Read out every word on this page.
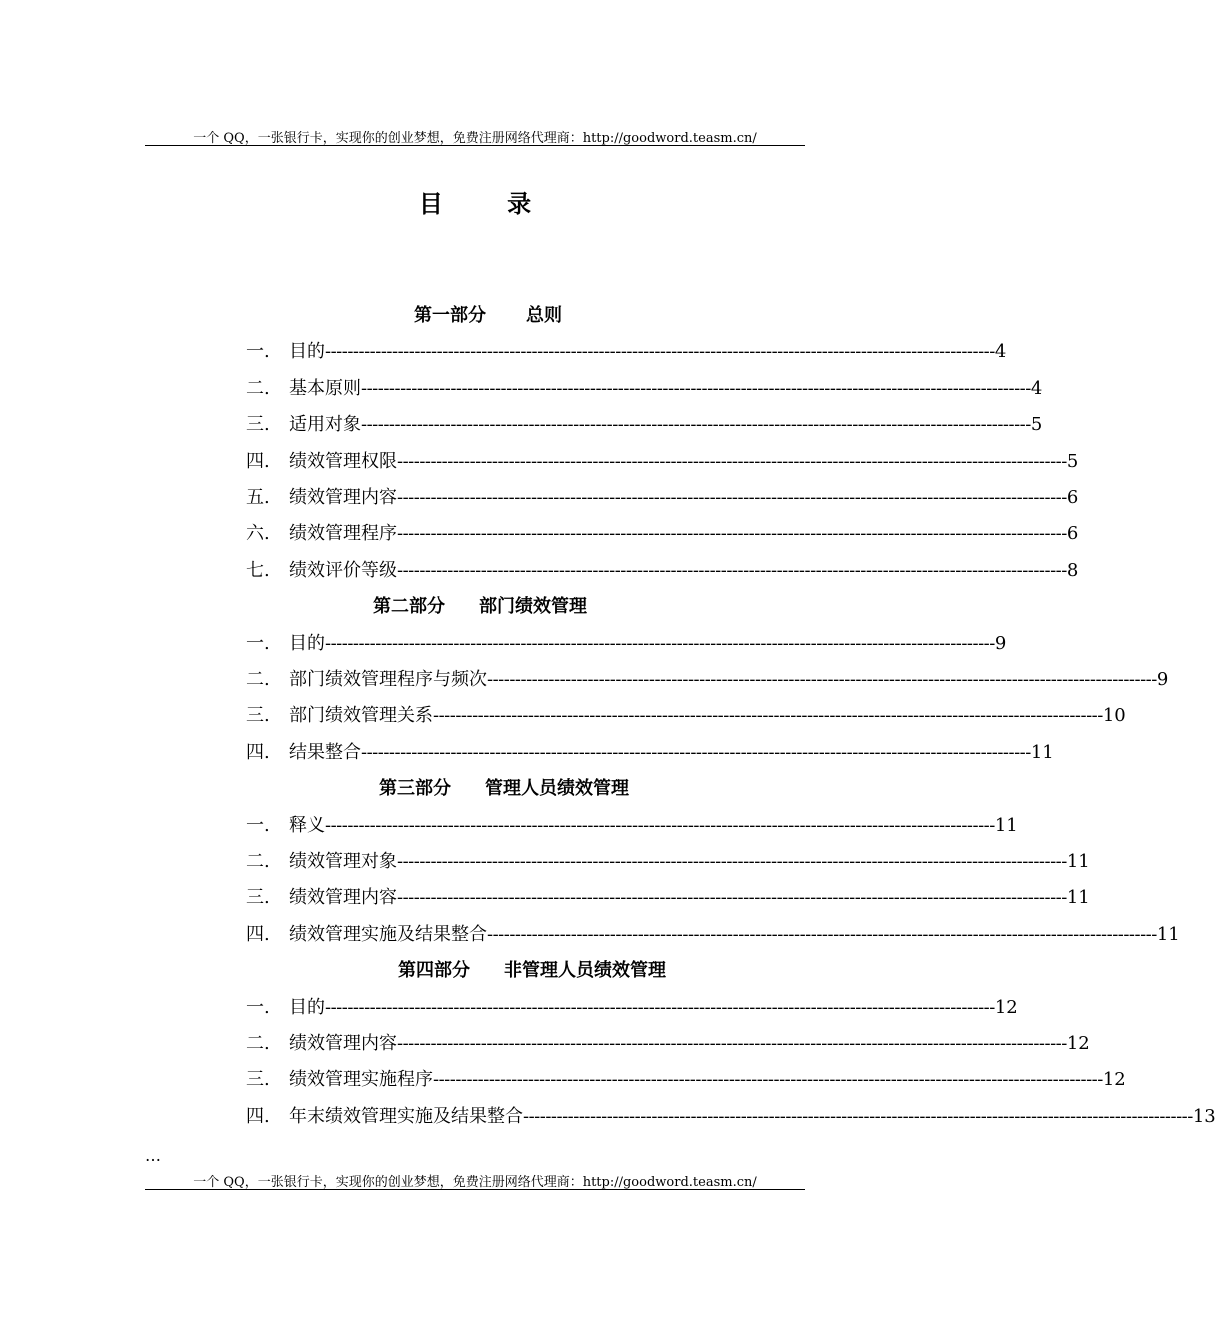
一个 QQ，一张银行卡，实现你的创业梦想，免费注册网络代理商：http://goodword.teasm.cn/
目 录
第一部分 总则
一. 目的 ------------------------------------------------------------------------------------------------------------------------ 4
二. 基本原则 ------------------------------------------------------------------------------------------------------------------------ 4
三. 适用对象 ------------------------------------------------------------------------------------------------------------------------ 5
四. 绩效管理权限 ------------------------------------------------------------------------------------------------------------------------ 5
五. 绩效管理内容 ------------------------------------------------------------------------------------------------------------------------ 6
六. 绩效管理程序 ------------------------------------------------------------------------------------------------------------------------ 6
七. 绩效评价等级 ------------------------------------------------------------------------------------------------------------------------ 8
第二部分 部门绩效管理
一. 目的 ------------------------------------------------------------------------------------------------------------------------ 9
二. 部门绩效管理程序与频次 ------------------------------------------------------------------------------------------------------------------------ 9
三. 部门绩效管理关系 ------------------------------------------------------------------------------------------------------------------------ 10
四. 结果整合 ------------------------------------------------------------------------------------------------------------------------ 11
第三部分 管理人员绩效管理
一. 释义 ------------------------------------------------------------------------------------------------------------------------ 11
二. 绩效管理对象 ------------------------------------------------------------------------------------------------------------------------ 11
三. 绩效管理内容 ------------------------------------------------------------------------------------------------------------------------ 11
四. 绩效管理实施及结果整合 ------------------------------------------------------------------------------------------------------------------------ 11
第四部分 非管理人员绩效管理
一. 目的 ------------------------------------------------------------------------------------------------------------------------ 12
二. 绩效管理内容 ------------------------------------------------------------------------------------------------------------------------ 12
三. 绩效管理实施程序 ------------------------------------------------------------------------------------------------------------------------ 12
四. 年末绩效管理实施及结果整合 ------------------------------------------------------------------------------------------------------------------------ 13
…
一个 QQ，一张银行卡，实现你的创业梦想，免费注册网络代理商：http://goodword.teasm.cn/
